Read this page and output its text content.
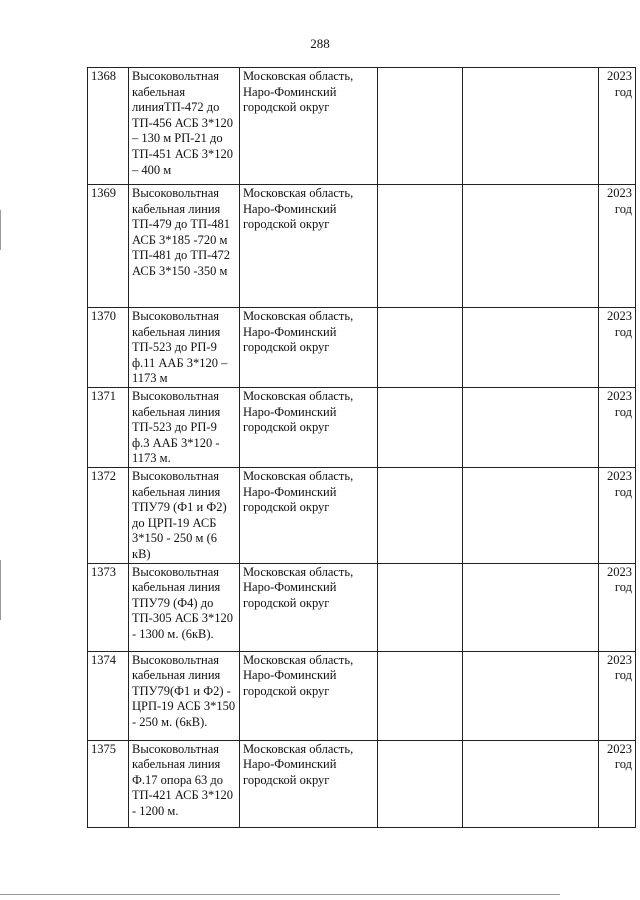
288
1368	Высоковольтная кабельная линияТП-472 до ТП-456 АСБ 3*120 – 130 м РП-21 до ТП-451 АСБ 3*120 – 400 м	Московская область, Наро-Фоминский городской округ			2023 год
1369	Высоковольтная кабельная линия ТП-479 до ТП-481 АСБ 3*185 -720 м ТП-481 до ТП-472 АСБ 3*150 -350 м	Московская область, Наро-Фоминский городской округ			2023 год
1370	Высоковольтная кабельная линия ТП-523 до РП-9 ф.11 ААБ 3*120 – 1173 м	Московская область, Наро-Фоминский городской округ			2023 год
1371	Высоковольтная кабельная линия ТП-523 до РП-9 ф.3 ААБ 3*120 - 1173 м.	Московская область, Наро-Фоминский городской округ			2023 год
1372	Высоковольтная кабельная линия ТПУ79 (Ф1 и Ф2) до ЦРП-19 АСБ 3*150 - 250 м (6 кВ)	Московская область, Наро-Фоминский городской округ			2023 год
1373	Высоковольтная кабельная линия ТПУ79 (Ф4) до ТП-305 АСБ 3*120 - 1300 м. (6кВ).	Московская область, Наро-Фоминский городской округ			2023 год
1374	Высоковольтная кабельная линия ТПУ79(Ф1 и Ф2) - ЦРП-19 АСБ 3*150 - 250 м. (6кВ).	Московская область, Наро-Фоминский городской округ			2023 год
1375	Высоковольтная кабельная линия Ф.17 опора 63 до ТП-421 АСБ 3*120 - 1200 м.	Московская область, Наро-Фоминский городской округ			2023 год
